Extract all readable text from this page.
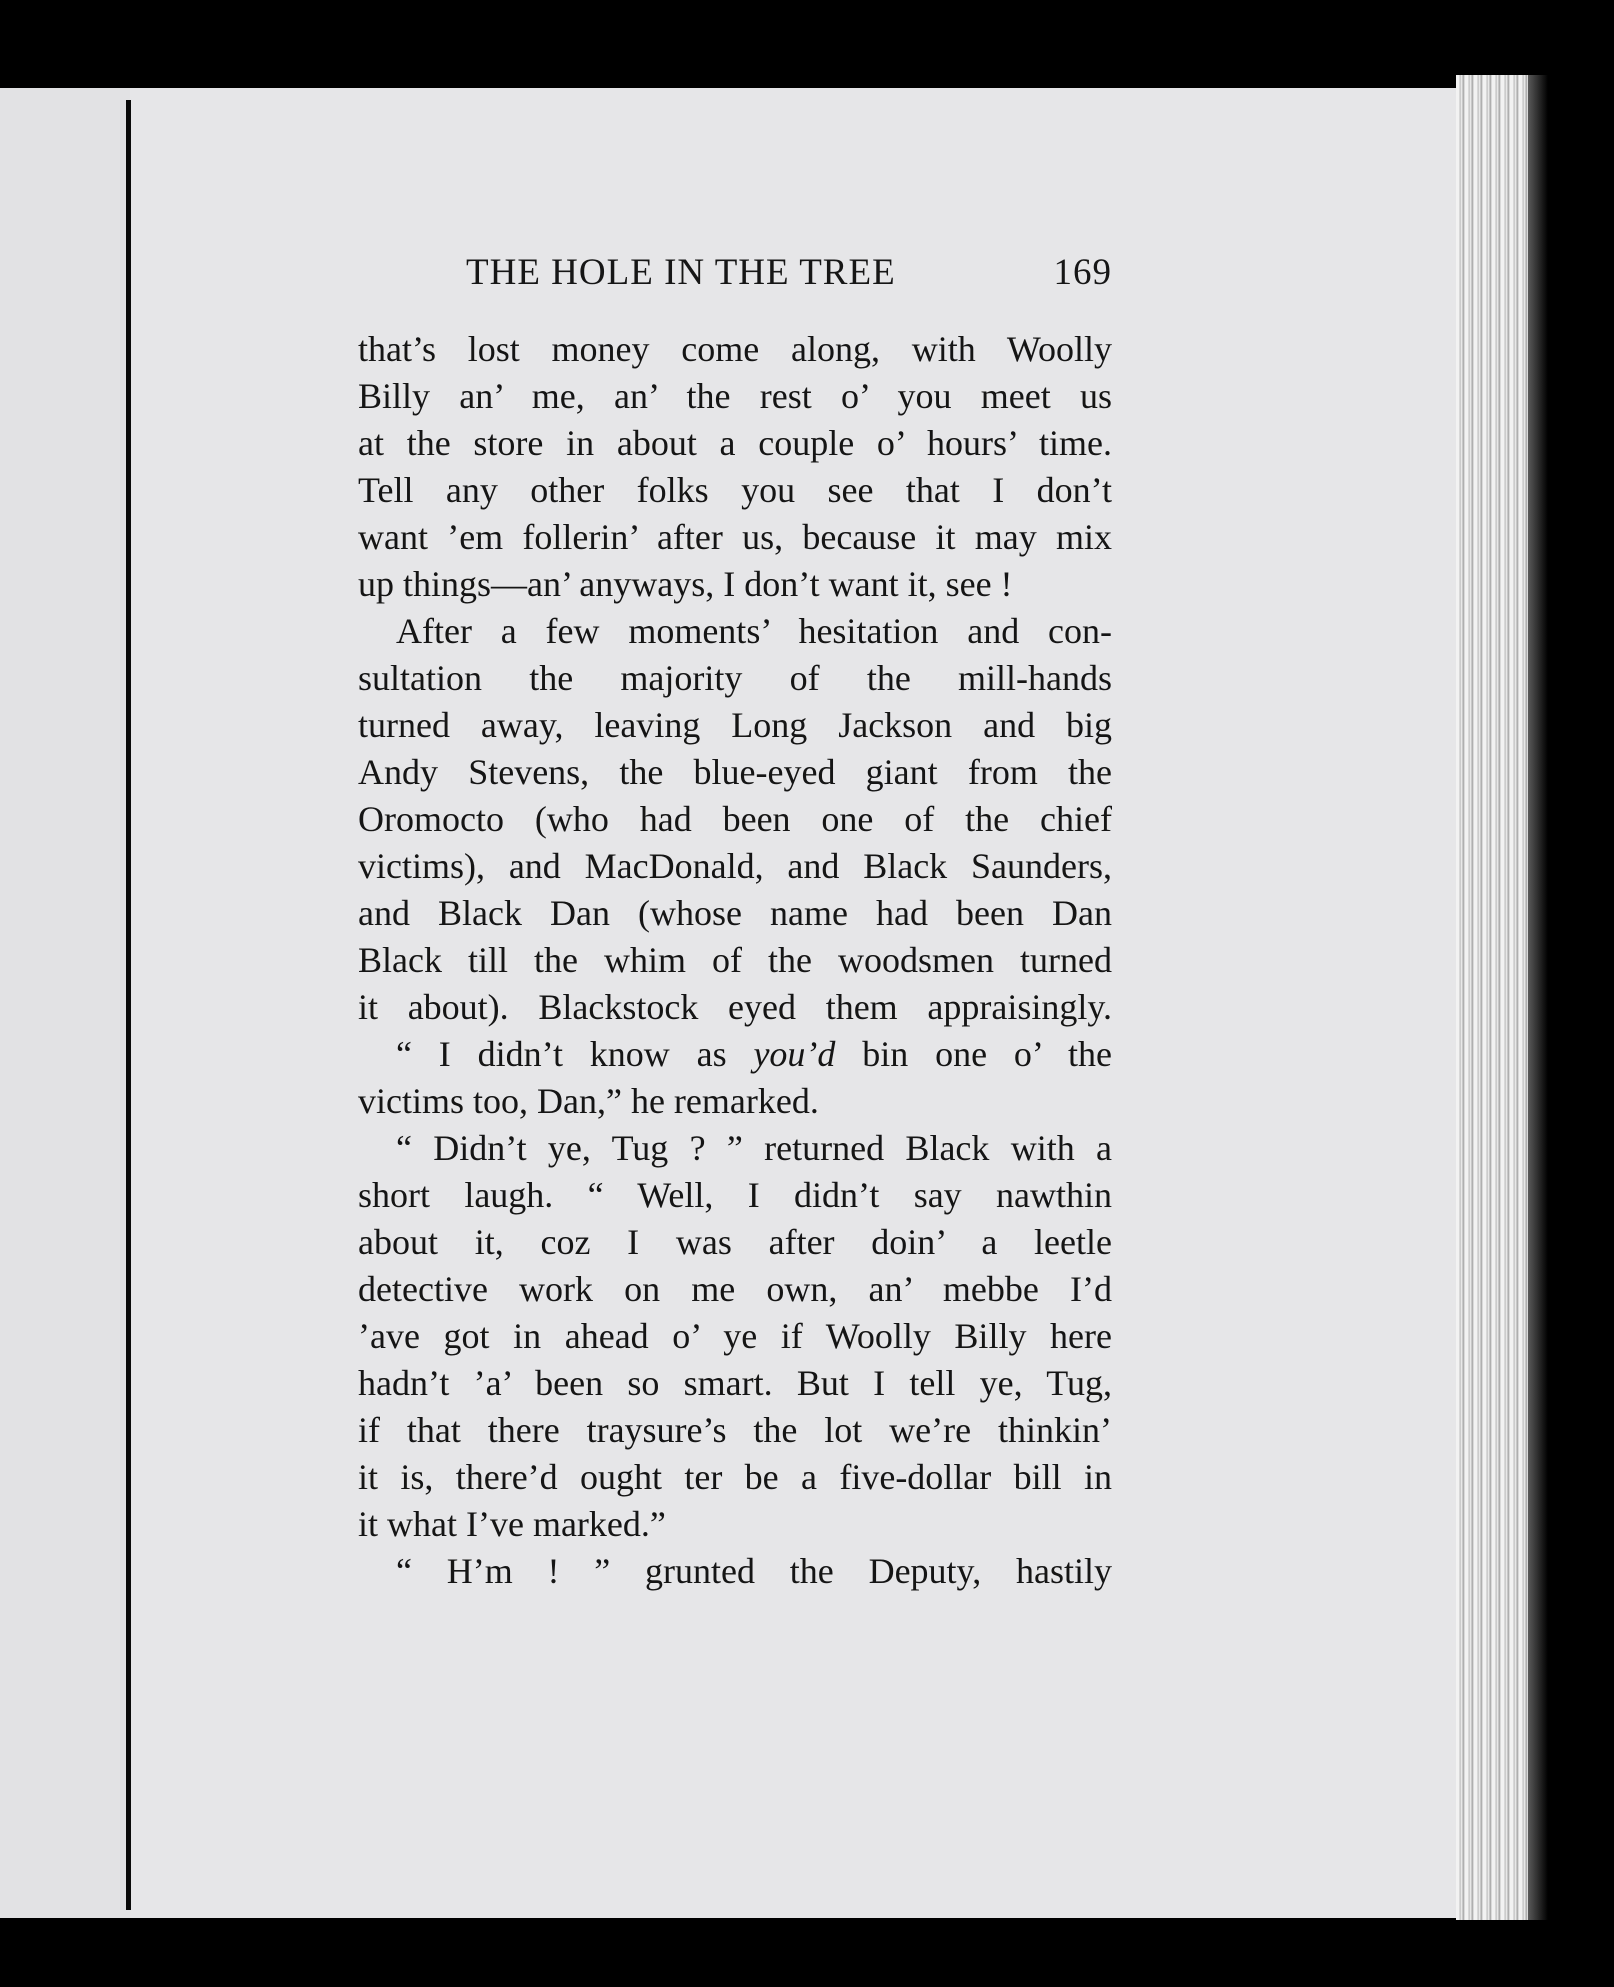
THE HOLE IN THE TREE	169
that’s lost money come along, with Woolly
Billy an’ me, an’ the rest o’ you meet us
at the store in about a couple o’ hours’ time.
Tell any other folks you see that I don’t
want ’em follerin’ after us, because it may mix
up things—an’ anyways, I don’t want it, see !
After a few moments’ hesitation and con-
sultation the majority of the mill-hands
turned away, leaving Long Jackson and big
Andy Stevens, the blue-eyed giant from the
Oromocto (who had been one of the chief
victims), and MacDonald, and Black Saunders,
and Black Dan (whose name had been Dan
Black till the whim of the woodsmen turned
it about). Blackstock eyed them appraisingly.
“ I didn’t know as you’d bin one o’ the
victims too, Dan,” he remarked.
“ Didn’t ye, Tug ? ” returned Black with a
short laugh. “ Well, I didn’t say nawthin
about it, coz I was after doin’ a leetle
detective work on me own, an’ mebbe I’d
’ave got in ahead o’ ye if Woolly Billy here
hadn’t ’a’ been so smart. But I tell ye, Tug,
if that there traysure’s the lot we’re thinkin’
it is, there’d ought ter be a five-dollar bill in
it what I’ve marked.”
“ H’m ! ” grunted the Deputy, hastily
